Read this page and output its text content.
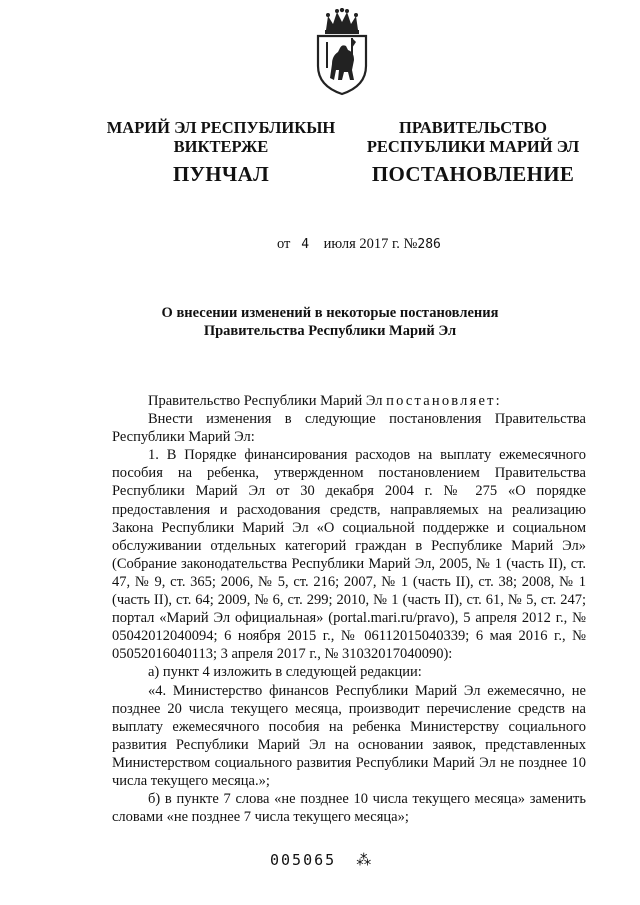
МАРИЙ ЭЛ РЕСПУБЛИКЫН
ВИКТЕРЖЕ
ПУНЧАЛ
ПРАВИТЕЛЬСТВО
РЕСПУБЛИКИ МАРИЙ ЭЛ
ПОСТАНОВЛЕНИЕ
от 4 июля 2017 г. №286
О внесении изменений в некоторые постановления
Правительства Республики Марий Эл

Правительство Республики Марий Эл постановляет:

Внести изменения в следующие постановления Правительства Республики Марий Эл:

1. В Порядке финансирования расходов на выплату ежемесячного пособия на ребенка, утвержденном постановлением Правительства Республики Марий Эл от 30 декабря 2004 г. № 275 «О порядке предоставления и расходования средств, направляемых на реализацию Закона Республики Марий Эл «О социальной поддержке и социальном обслуживании отдельных категорий граждан в Республике Марий Эл» (Собрание законодательства Республики Марий Эл, 2005, № 1 (часть II), ст. 47, № 9, ст. 365; 2006, № 5, ст. 216; 2007, № 1 (часть II), ст. 38; 2008, № 1 (часть II), ст. 64; 2009, № 6, ст. 299; 2010, № 1 (часть II), ст. 61, № 5, ст. 247; портал «Марий Эл официальная» (portal.mari.ru/pravo), 5 апреля 2012 г., № 05042012040094; 6 ноября 2015 г., № 06112015040339; 6 мая 2016 г., № 05052016040113; 3 апреля 2017 г., № 31032017040090):

а) пункт 4 изложить в следующей редакции:

«4. Министерство финансов Республики Марий Эл ежемесячно, не позднее 20 числа текущего месяца, производит перечисление средств на выплату ежемесячного пособия на ребенка Министерству социального развития Республики Марий Эл на основании заявок, представленных Министерством социального развития Республики Марий Эл не позднее 10 числа текущего месяца.»;

б) в пункте 7 слова «не позднее 10 числа текущего месяца» заменить словами «не позднее 7 числа текущего месяца»;

005065 ⁂
